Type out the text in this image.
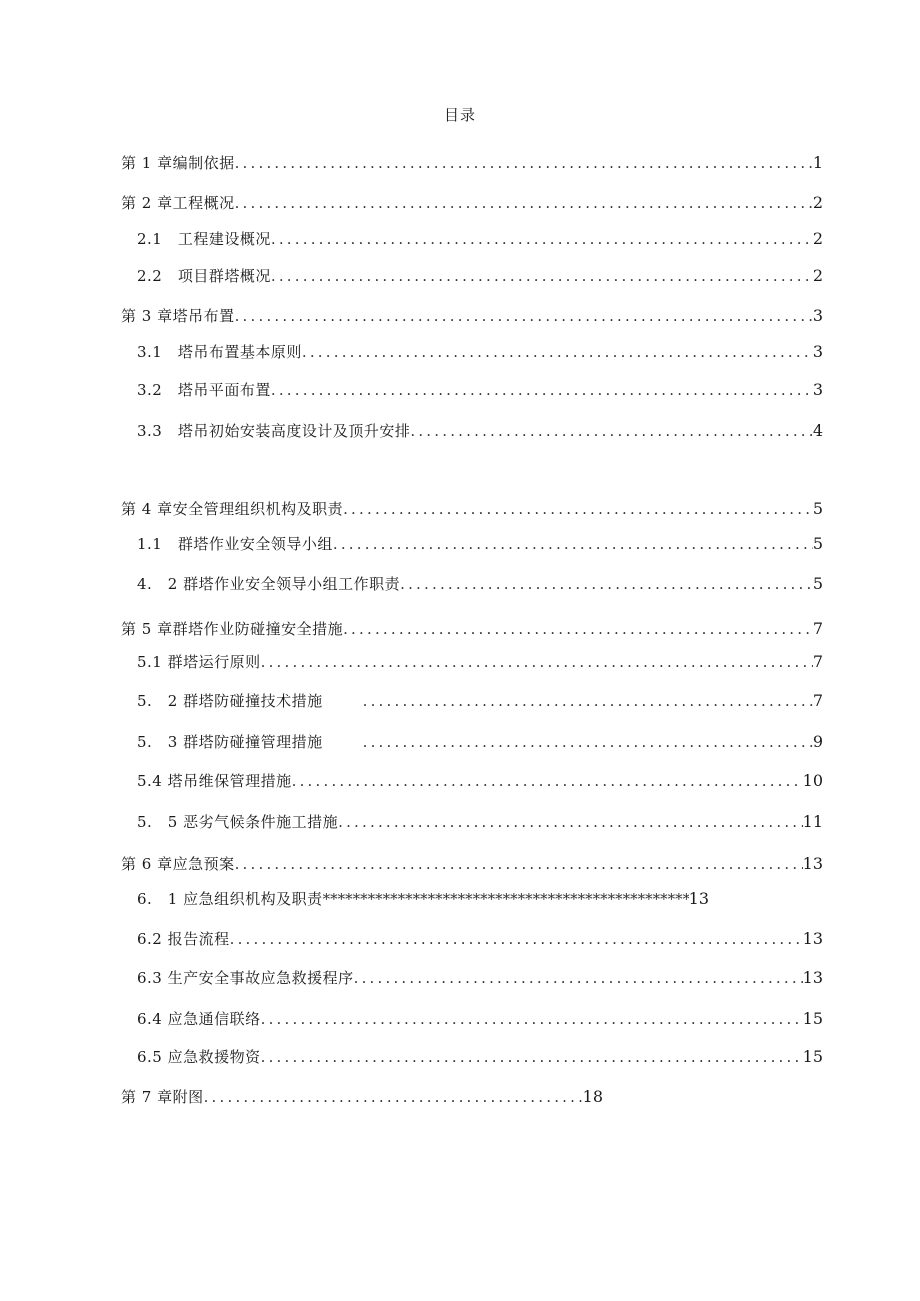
目录
第 1 章编制依据 .....	1
第 2 章工程概况 .....	2
2.1　工程建设概况 .....	2
2.2　项目群塔概况 .....	2
第 3 章塔吊布置 .....	3
3.1　塔吊布置基本原则 .....	3
3.2　塔吊平面布置 .....	3
3.3　塔吊初始安装高度设计及顶升安排 .....	4
第 4 章安全管理组织机构及职责 .....	5
1.1　群塔作业安全领导小组 .....	5
4.　2 群塔作业安全领导小组工作职责 .....	5
第 5 章群塔作业防碰撞安全措施 .....	7
5.1 群塔运行原则 .....	7
5.　2 群塔防碰撞技术措施 .....	7
5.　3 群塔防碰撞管理措施 .....	9
5.4 塔吊维保管理措施 .....	10
5.　5 恶劣气候条件施工措施 .....	11
第 6 章应急预案 .....	13
6.　1 应急组织机构及职责 *****	13
6.2 报告流程 .....	13
6.3 生产安全事故应急救援程序 .....	13
6.4 应急通信联络 .....	15
6.5 应急救援物资 .....	15
第 7 章附图 .....	18
